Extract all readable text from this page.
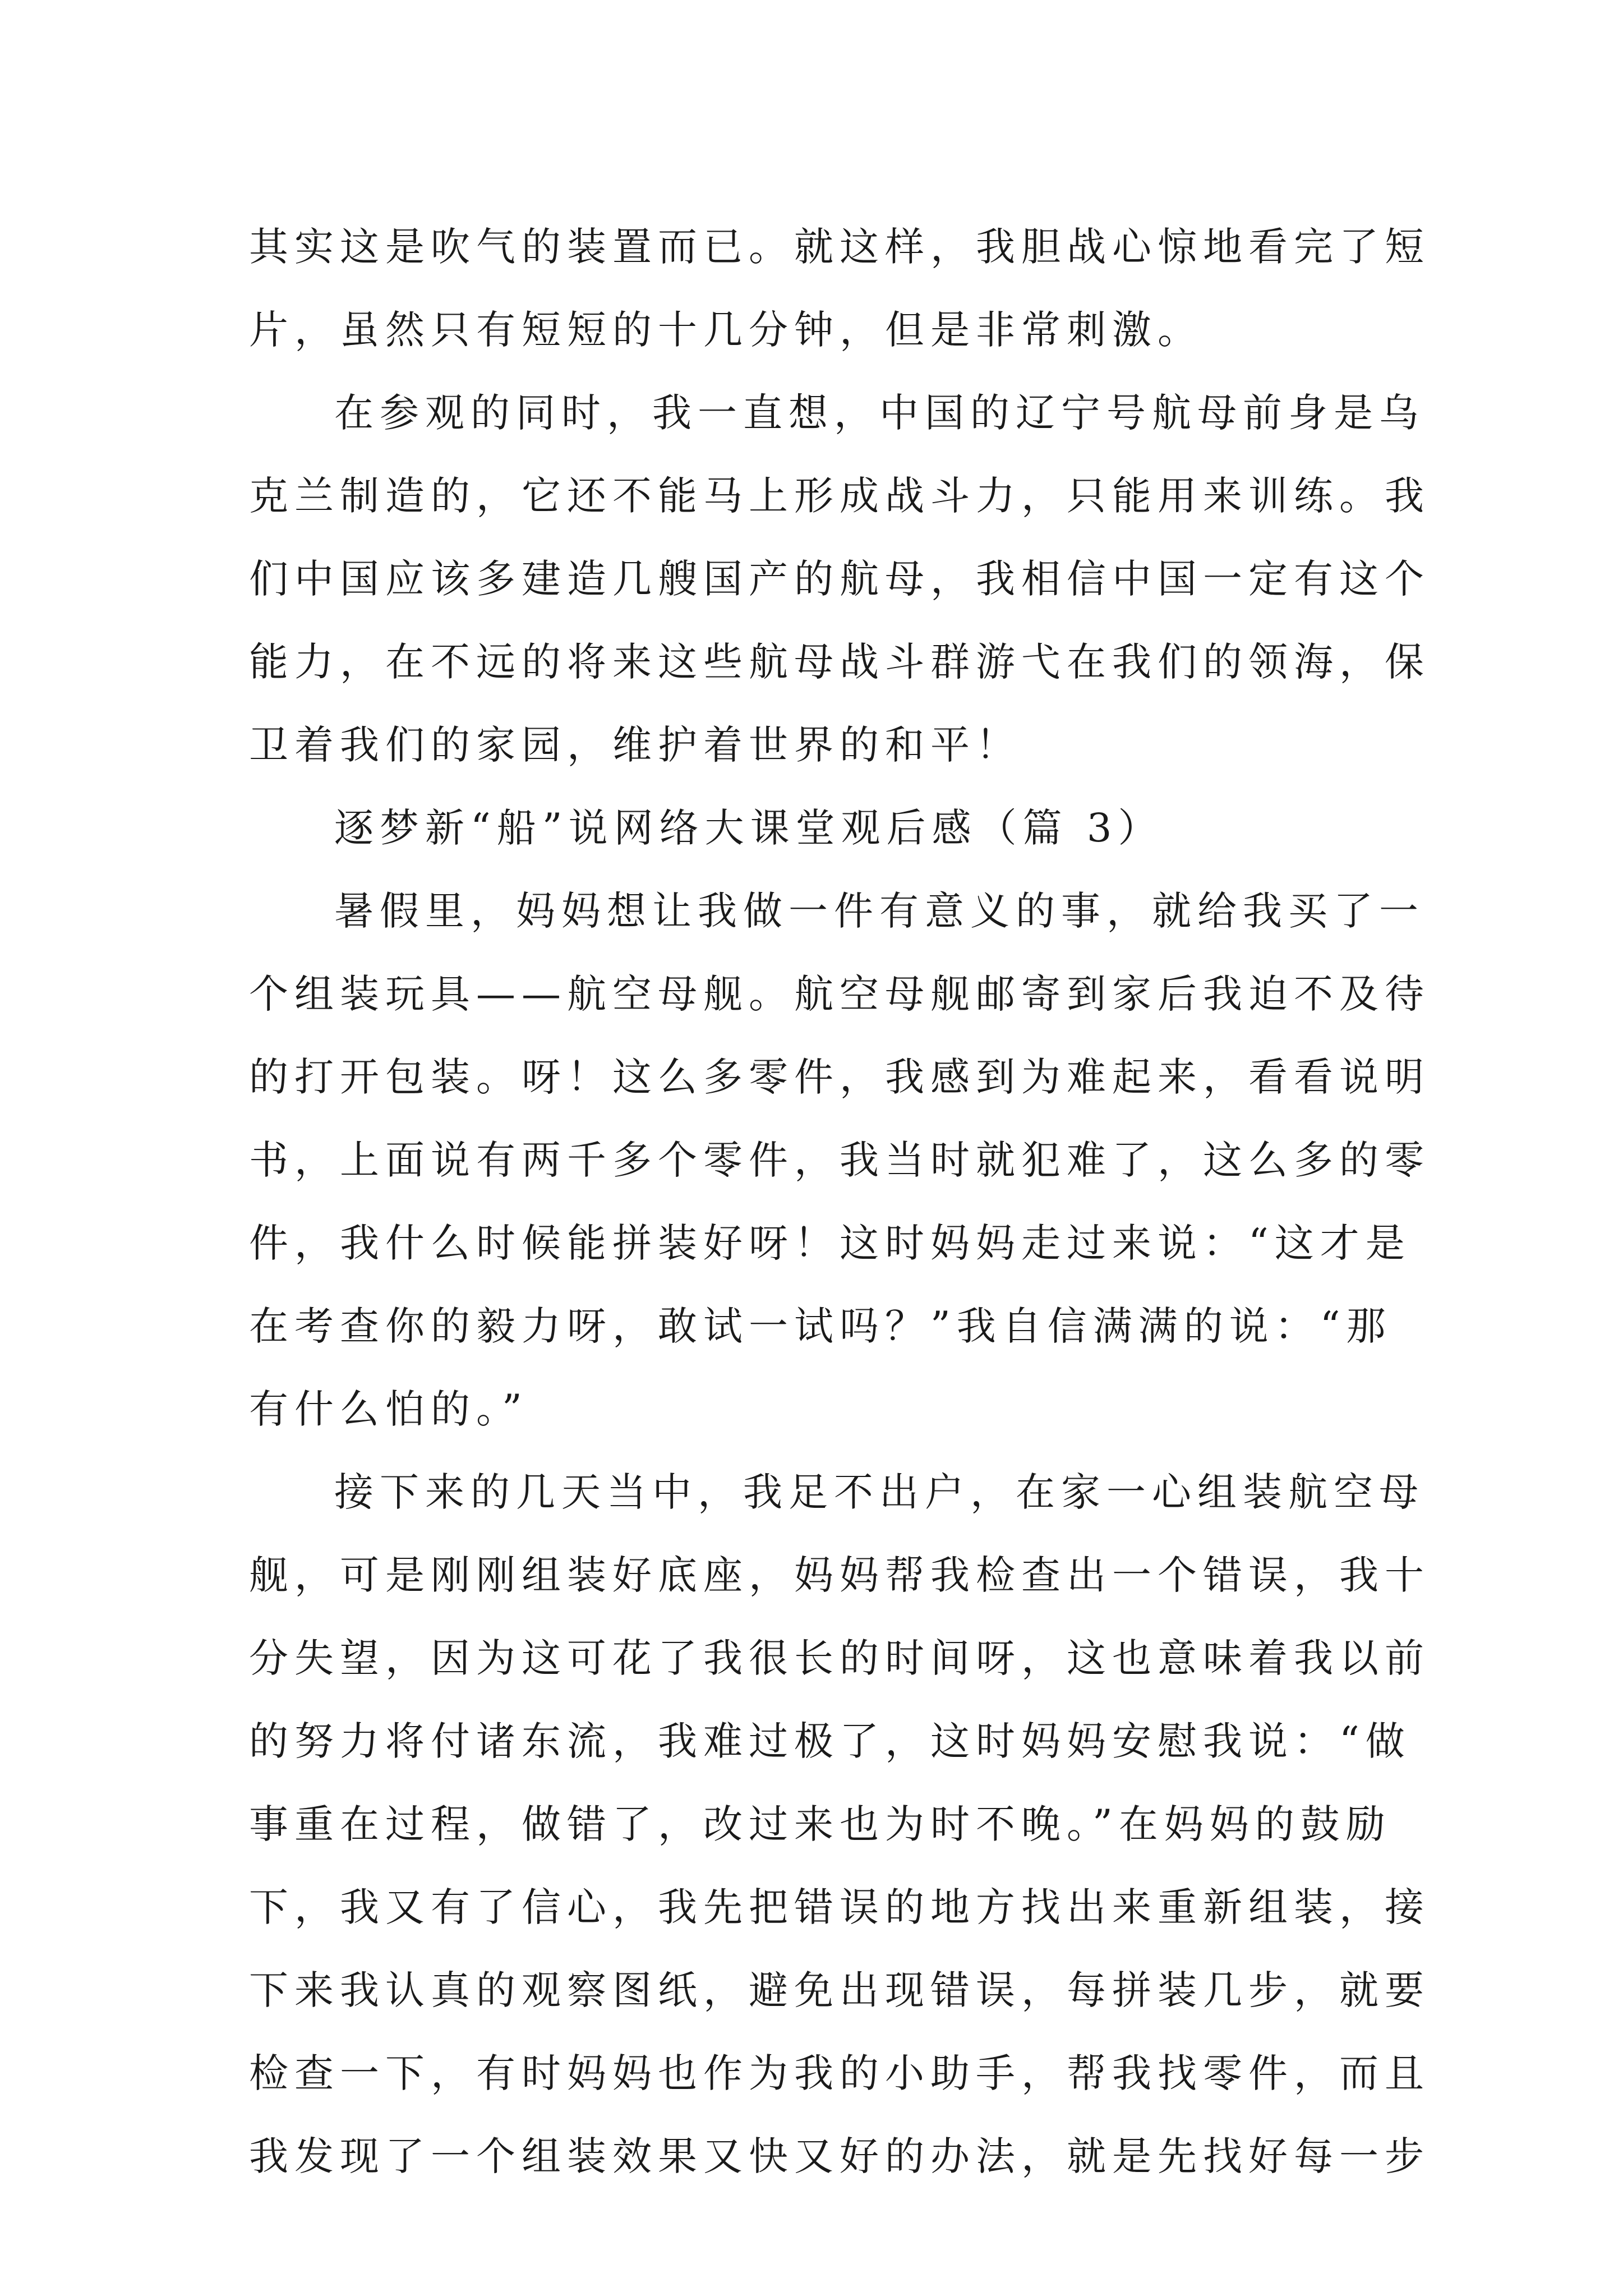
其实这是吹气的装置而已。就这样，我胆战心惊地看完了短
片，虽然只有短短的十几分钟，但是非常刺激。
在参观的同时，我一直想，中国的辽宁号航母前身是乌
克兰制造的，它还不能马上形成战斗力，只能用来训练。我
们中国应该多建造几艘国产的航母，我相信中国一定有这个
能力，在不远的将来这些航母战斗群游弋在我们的领海，保
卫着我们的家园，维护着世界的和平！
逐梦新“船”说网络大课堂观后感（篇 3）
暑假里，妈妈想让我做一件有意义的事，就给我买了一
个组装玩具——航空母舰。航空母舰邮寄到家后我迫不及待
的打开包装。呀！这么多零件，我感到为难起来，看看说明
书，上面说有两千多个零件，我当时就犯难了，这么多的零
件，我什么时候能拼装好呀！这时妈妈走过来说：“这才是
在考查你的毅力呀，敢试一试吗？”我自信满满的说：“那
有什么怕的。”
接下来的几天当中，我足不出户，在家一心组装航空母
舰，可是刚刚组装好底座，妈妈帮我检查出一个错误，我十
分失望，因为这可花了我很长的时间呀，这也意味着我以前
的努力将付诸东流，我难过极了，这时妈妈安慰我说：“做
事重在过程，做错了，改过来也为时不晚。”在妈妈的鼓励
下，我又有了信心，我先把错误的地方找出来重新组装，接
下来我认真的观察图纸，避免出现错误，每拼装几步，就要
检查一下，有时妈妈也作为我的小助手，帮我找零件，而且
我发现了一个组装效果又快又好的办法，就是先找好每一步
